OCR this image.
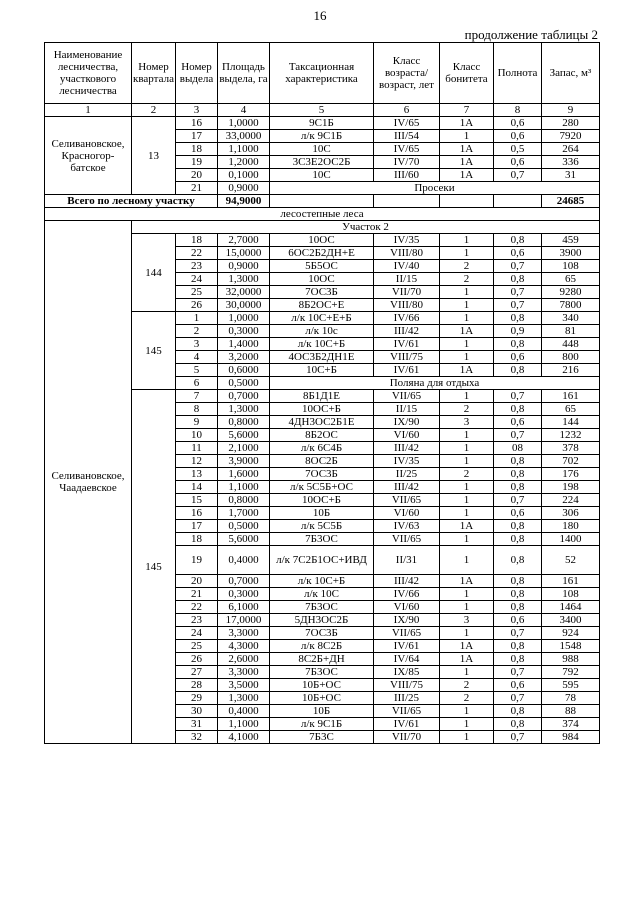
16
продолжение таблицы 2
Наименование лесничества, участкового лесничества	Номер квартала	Номер выдела	Площадь выдела, га	Таксационная характеристика	Класс возраста/ возраст, лет	Класс бонитета	Полнота	Запас, м³
1	2	3	4	5	6	7	8	9
Селивановское, Красногор-батское	13	16	1,0000	9С1Б	IV/65	1А	0,6	280
		17	33,0000	л/к 9С1Б	III/54	1	0,6	7920
		18	1,1000	10С	IV/65	1А	0,5	264
		19	1,2000	3С3Е2ОС2Б	IV/70	1А	0,6	336
		20	0,1000	10С	III/60	1А	0,7	31
		21	0,9000	Просеки				
Всего по лесному участку			94,9000					24685
лесостепные леса								
Селивановское, Чаадаевское	Участок 2							
	144	18	2,7000	10ОС	IV/35	1	0,8	459
		22	15,0000	6ОС2Б2ДН+Е	VIII/80	1	0,6	3900
		23	0,9000	5Б5ОС	IV/40	2	0,7	108
		24	1,3000	10ОС	II/15	2	0,8	65
		25	32,0000	7ОС3Б	VII/70	1	0,7	9280
		26	30,0000	8Б2ОС+Е	VIII/80	1	0,7	7800
	145	1	1,0000	л/к 10С+Е+Б	IV/66	1	0,8	340
		2	0,3000	л/к 10с	III/42	1А	0,9	81
		3	1,4000	л/к 10С+Б	IV/61	1	0,8	448
		4	3,2000	4ОС3Б2ДН1Е	VIII/75	1	0,6	800
		5	0,6000	10С+Б	IV/61	1А	0,8	216
		6	0,5000	Поляна для отдыха				
	145	7	0,7000	8Б1Д1Е	VII/65	1	0,7	161
		8	1,3000	10ОС+Б	II/15	2	0,8	65
		9	0,8000	4ДН3ОС2Б1Е	IX/90	3	0,6	144
		10	5,6000	8Б2ОС	VI/60	1	0,7	1232
		11	2,1000	л/к 6С4Б	III/42	1	08	378
		12	3,9000	8ОС2Б	IV/35	1	0,8	702
		13	1,6000	7ОС3Б	II/25	2	0,8	176
		14	1,1000	л/к 5С5Б+ОС	III/42	1	0,8	198
		15	0,8000	10ОС+Б	VII/65	1	0,7	224
		16	1,7000	10Б	VI/60	1	0,6	306
		17	0,5000	л/к 5С5Б	IV/63	1А	0,8	180
		18	5,6000	7Б3ОС	VII/65	1	0,8	1400
		19	0,4000	л/к 7С2Б1ОС+ИВД	II/31	1	0,8	52
		20	0,7000	л/к 10С+Б	III/42	1А	0,8	161
		21	0,3000	л/к 10С	IV/66	1	0,8	108
		22	6,1000	7Б3ОС	VI/60	1	0,8	1464
		23	17,0000	5ДН3ОС2Б	IX/90	3	0,6	3400
		24	3,3000	7ОС3Б	VII/65	1	0,7	924
		25	4,3000	л/к 8С2Б	IV/61	1А	0,8	1548
		26	2,6000	8С2Б+ДН	IV/64	1А	0,8	988
		27	3,3000	7Б3ОС	IX/85	1	0,7	792
		28	3,5000	10Б+ОС	VIII/75	2	0,6	595
		29	1,3000	10Б+ОС	III/25	2	0,7	78
		30	0,4000	10Б	VII/65	1	0,8	88
		31	1,1000	л/к 9С1Б	IV/61	1	0,8	374
		32	4,1000	7Б3С	VII/70	1	0,7	984
